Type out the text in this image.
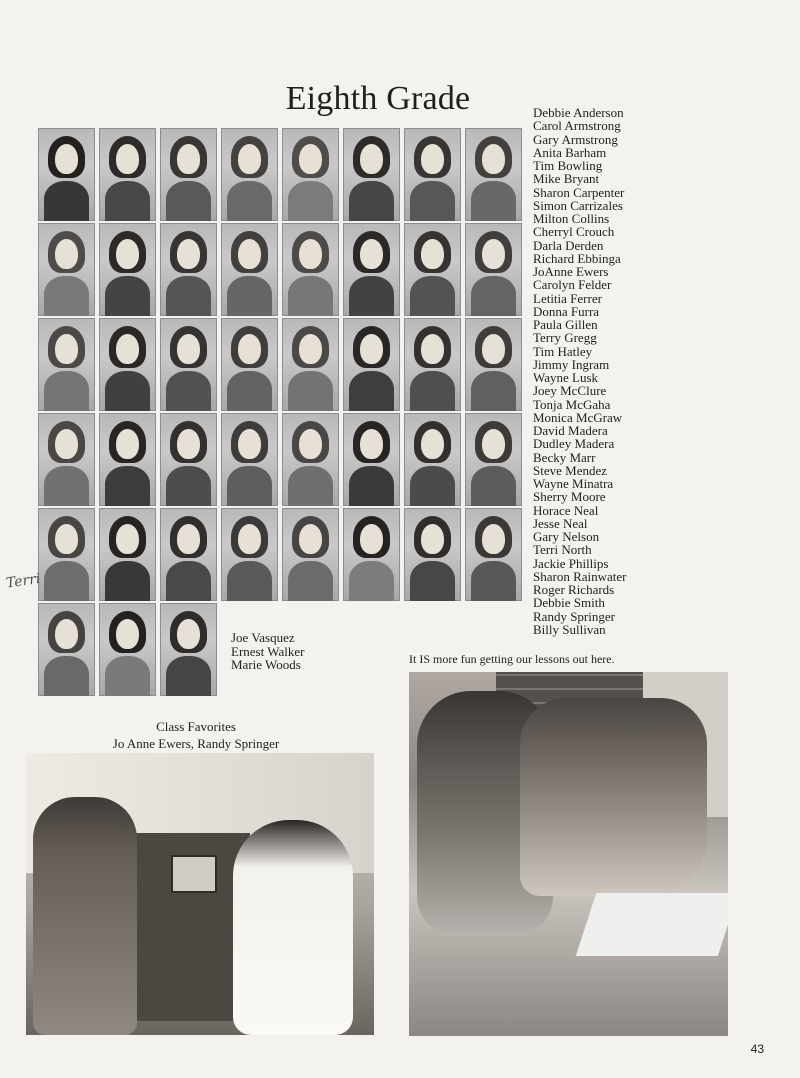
Eighth Grade	Debbie Anderson
Carol Armstrong
Gary Armstrong
Anita Barham
Tim Bowling
Mike Bryant
Sharon Carpenter
Simon Carrizales
Milton Collins
Cherryl Crouch
Darla Derden
Richard Ebbinga
JoAnne Ewers
Carolyn Felder
Letitia Ferrer
Donna Furra
Paula Gillen
Terry Gregg
Tim Hatley
Jimmy Ingram
Wayne Lusk
Joey McClure
Tonja McGaha
Monica McGraw
David Madera
Dudley Madera
Becky Marr
Steve Mendez
Wayne Minatra
Sherry Moore
Horace Neal
Jesse Neal
Gary Nelson
Terri North
Jackie Phillips
Sharon Rainwater
Roger Richards
Debbie Smith
Randy Springer
Billy Sullivan
Joe Vasquez
Ernest Walker
Marie Woods	It IS more fun getting our lessons out here.
Class Favorites
Jo Anne Ewers, Randy Springer
Terri
43
